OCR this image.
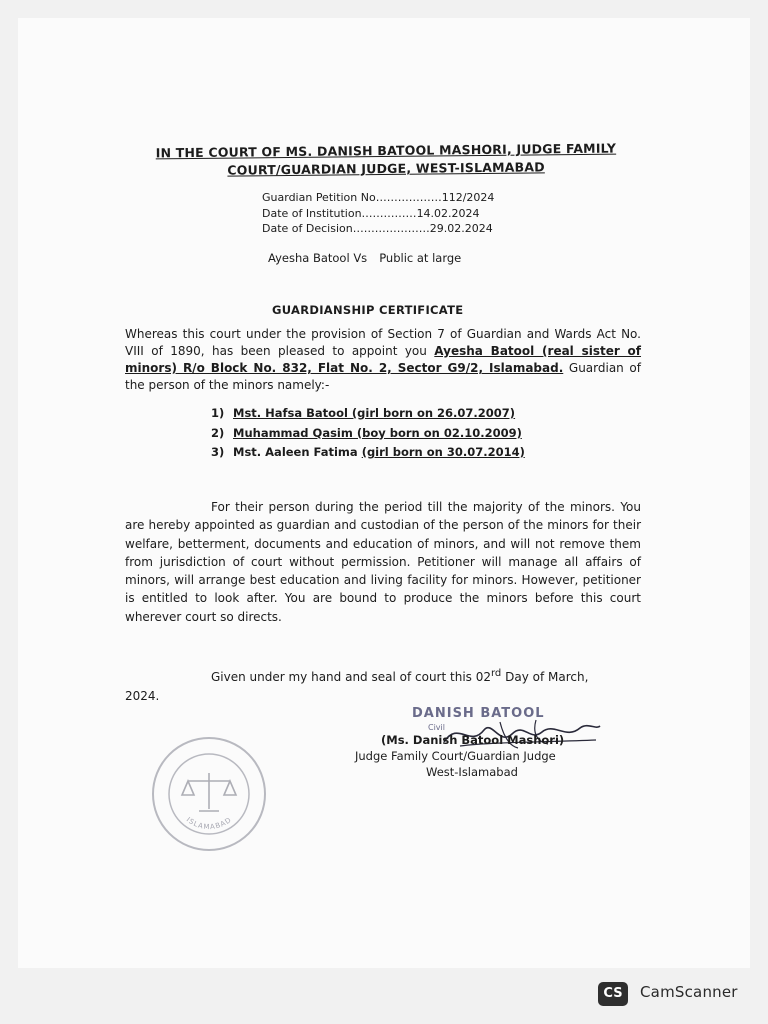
IN THE COURT OF MS. DANISH BATOOL MASHORI, JUDGE FAMILY
COURT/GUARDIAN JUDGE, WEST-ISLAMABAD
Guardian Petition No………………112/2024
Date of Institution……………14.02.2024
Date of Decision…………………29.02.2024
Ayesha Batool Vs Public at large
GUARDIANSHIP CERTIFICATE
Whereas this court under the provision of Section 7 of Guardian and Wards Act No. VIII of 1890, has been pleased to appoint you Ayesha Batool (real sister of minors) R/o Block No. 832, Flat No. 2, Sector G9/2, Islamabad. Guardian of the person of the minors namely:-
1) Mst. Hafsa Batool (girl born on 26.07.2007)
2) Muhammad Qasim (boy born on 02.10.2009)
3) Mst. Aaleen Fatima (girl born on 30.07.2014)
For their person during the period till the majority of the minors. You are hereby appointed as guardian and custodian of the person of the minors for their welfare, betterment, documents and education of minors, and will not remove them from jurisdiction of court without permission. Petitioner will manage all affairs of minors, will arrange best education and living facility for minors. However, petitioner is entitled to look after. You are bound to produce the minors before this court wherever court so directs.
Given under my hand and seal of court this 02rd Day of March,
2024.
ISLAMABAD
DANISH BATOOL
Civil
(Ms. Danish Batool Mashori)
Judge Family Court/Guardian Judge
West-Islamabad
CS	CamScanner
